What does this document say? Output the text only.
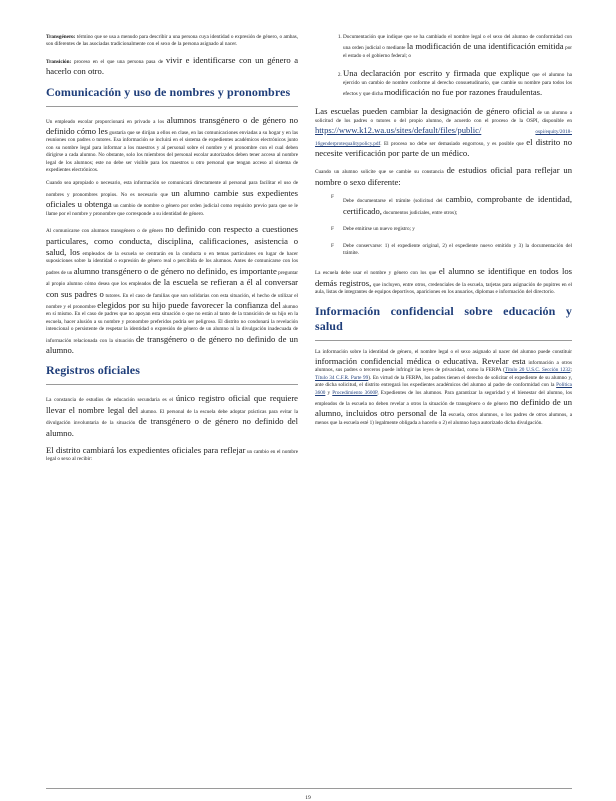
Transgénero: término que se usa a menudo para describir a una persona cuya identidad o expresión de género, o ambas, son diferentes de las asociadas tradicionalmente con el sexo de la persona asignado al nacer.

Transición: proceso en el que una persona pasa de vivir e identificarse con un género a hacerlo con otro.

Comunicación y uso de nombres y pronombres

Un empleado escolar proporcionará en privado a los alumnos transgénero o de género no definido cómo les gustaría que se dirijan a ellos en clase, en las comunicaciones enviadas a su hogar y en las reuniones con padres o tutores. Esa información se incluirá en el sistema de expedientes académicos electrónicos junto con su nombre legal para informar a los maestros y al personal sobre el nombre y el pronombre con el cual deben dirigirse a cada alumno. No obstante, solo los miembros del personal escolar autorizados deben tener acceso al nombre legal de los alumnos; este no debe ser visible para los maestros u otro personal que tengan acceso al sistema de expedientes electrónicos.

Cuando sea apropiado o necesario, esta información se comunicará directamente al personal para facilitar el uso de nombres y pronombres propios. No es necesario que un alumno cambie sus expedientes oficiales u obtenga un cambio de nombre o género por orden judicial como requisito previo para que se le llame por el nombre y pronombre que corresponde a su identidad de género.

Al comunicarse con alumnos transgénero o de género no definido con respecto a cuestiones particulares, como conducta, disciplina, calificaciones, asistencia o salud, los empleados de la escuela se centrarán en la conducta o en temas particulares en lugar de hacer suposiciones sobre la identidad o expresión de género real o percibida de los alumnos. Antes de comunicarse con los padres de un alumno transgénero o de género no definido, es importante preguntar al propio alumno cómo desea que los empleados de la escuela se refieran a él al conversar con sus padres o tutores. En el caso de familias que son solidarias con esta situación, el hecho de utilizar el nombre y el pronombre elegidos por su hijo puede favorecer la confianza del alumno en sí mismo. En el caso de padres que no apoyan esta situación o que no están al tanto de la transición de su hijo en la escuela, hacer alusión a su nombre y pronombre preferidos podría ser peligroso. El distrito no condonará la revelación intencional o persistente de respetar la identidad o expresión de género de un alumno ni la divulgación inadecuada de información relacionada con la situación de transgénero o de género no definido de un alumno.

Registros oficiales

La constancia de estudios de educación secundaria es el único registro oficial que requiere llevar el nombre legal del alumno. El personal de la escuela debe adoptar prácticas para evitar la divulgación involuntaria de la situación de transgénero o de género no definido del alumno.

El distrito cambiará los expedientes oficiales para reflejar un cambio en el nombre legal o sexo al recibir:

1. Documentación que indique que se ha cambiado el nombre legal o el sexo del alumno de conformidad con una orden judicial o mediante la modificación de una identificación emitida por el estado o el gobierno federal; o
2. Una declaración por escrito y firmada que explique que el alumno ha ejercido un cambio de nombre conforme al derecho consuetudinario, que cambie su nombre para todos los efectos y que dicha modificación no fue por razones fraudulentas.

Las escuelas pueden cambiar la designación de género oficial de un alumno a solicitud de los padres o tutores o del propio alumno, de acuerdo con el proceso de la OSPI, disponible en https://www.k12.wa.us/sites/default/files/public/	ospi/equity/2018-16genderprotequalitypolicy.pdf. El proceso no debe ser demasiado engorroso, y es posible que el distrito no necesite verificación por parte de un médico.

Cuando un alumno solicite que se cambie su constancia de estudios oficial para reflejar un nombre o sexo diferente:

F
Debe documentarse el trámite (solicitud del cambio, comprobante de identidad, certificado, documentos judiciales, entre otros);
F Debe emitirse un nuevo registro; y
F Debe conservarse: 1) el expediente original, 2) el expediente nuevo emitido y 3) la documentación del trámite.

La escuela debe usar el nombre y género con los que el alumno se identifique en todos los demás registros, que incluyen, entre otros, credenciales de la escuela, tarjetas para asignación de pupitres en el aula, listas de integrantes de equipos deportivos, apariciones en los anuarios, diplomas e información del directorio.

Información confidencial sobre educación y salud

La información sobre la identidad de género, el nombre legal o el sexo asignado al nacer del alumno puede constituir información confidencial médica o educativa. Revelar esta información a otros alumnos, sus padres o terceros puede infringir las leyes de privacidad, como la FERPA (Título 20 U.S.C. Sección 1232; Título 34 C.F.R. Parte 99). En virtud de la FERPA, los padres tienen el derecho de solicitar el expediente de su alumno y, ante dicha solicitud, el distrito entregará los expedientes académicos del alumno al padre de conformidad con la Política 3600 y Procedimiento 3600P, Expedientes de los alumnos. Para garantizar la seguridad y el bienestar del alumno, los empleados de la escuela no deben revelar a otros la situación de transgénero o de género no definido de un alumno, incluidos otro personal de la escuela, otros alumnos, o los padres de otros alumnos, a menos que la escuela esté 1) legalmente obligada a hacerlo o 2) el alumno haya autorizado dicha divulgación.

19
